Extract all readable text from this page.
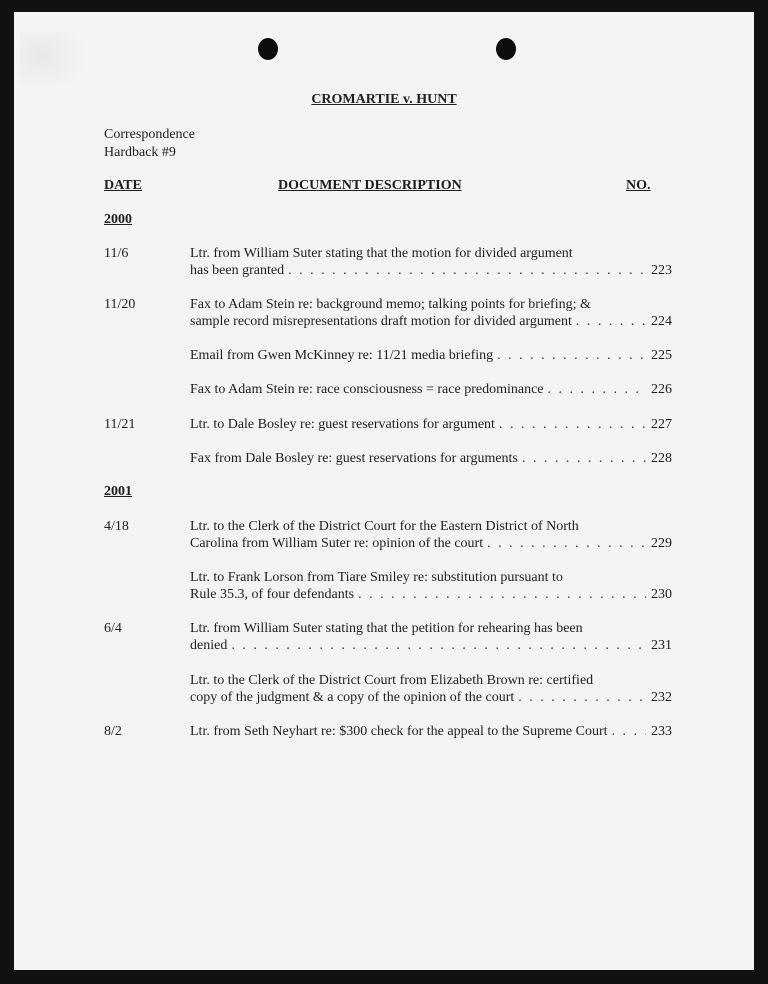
CROMARTIE v. HUNT
Correspondence
Hardback #9
DATE	DOCUMENT DESCRIPTION	NO.
2000
11/6	Ltr. from William Suter stating that the motion for divided argument
has been granted . . .	223
11/20	Fax to Adam Stein re: background memo; talking points for briefing; &
sample record misrepresentations draft motion for divided argument . . .	224
Email from Gwen McKinney re: 11/21 media briefing . . .	225
Fax to Adam Stein re: race consciousness = race predominance . . .	226
11/21	Ltr. to Dale Bosley re: guest reservations for argument . . .	227
Fax from Dale Bosley re: guest reservations for arguments . . .	228
2001
4/18	Ltr. to the Clerk of the District Court for the Eastern District of North
Carolina from William Suter re: opinion of the court . . .	229
Ltr. to Frank Lorson from Tiare Smiley re: substitution pursuant to
Rule 35.3, of four defendants . . .	230
6/4	Ltr. from William Suter stating that the petition for rehearing has been
denied . . .	231
Ltr. to the Clerk of the District Court from Elizabeth Brown re: certified
copy of the judgment & a copy of the opinion of the court . . .	232
8/2	Ltr. from Seth Neyhart re: $300 check for the appeal to the Supreme Court . . .	233
